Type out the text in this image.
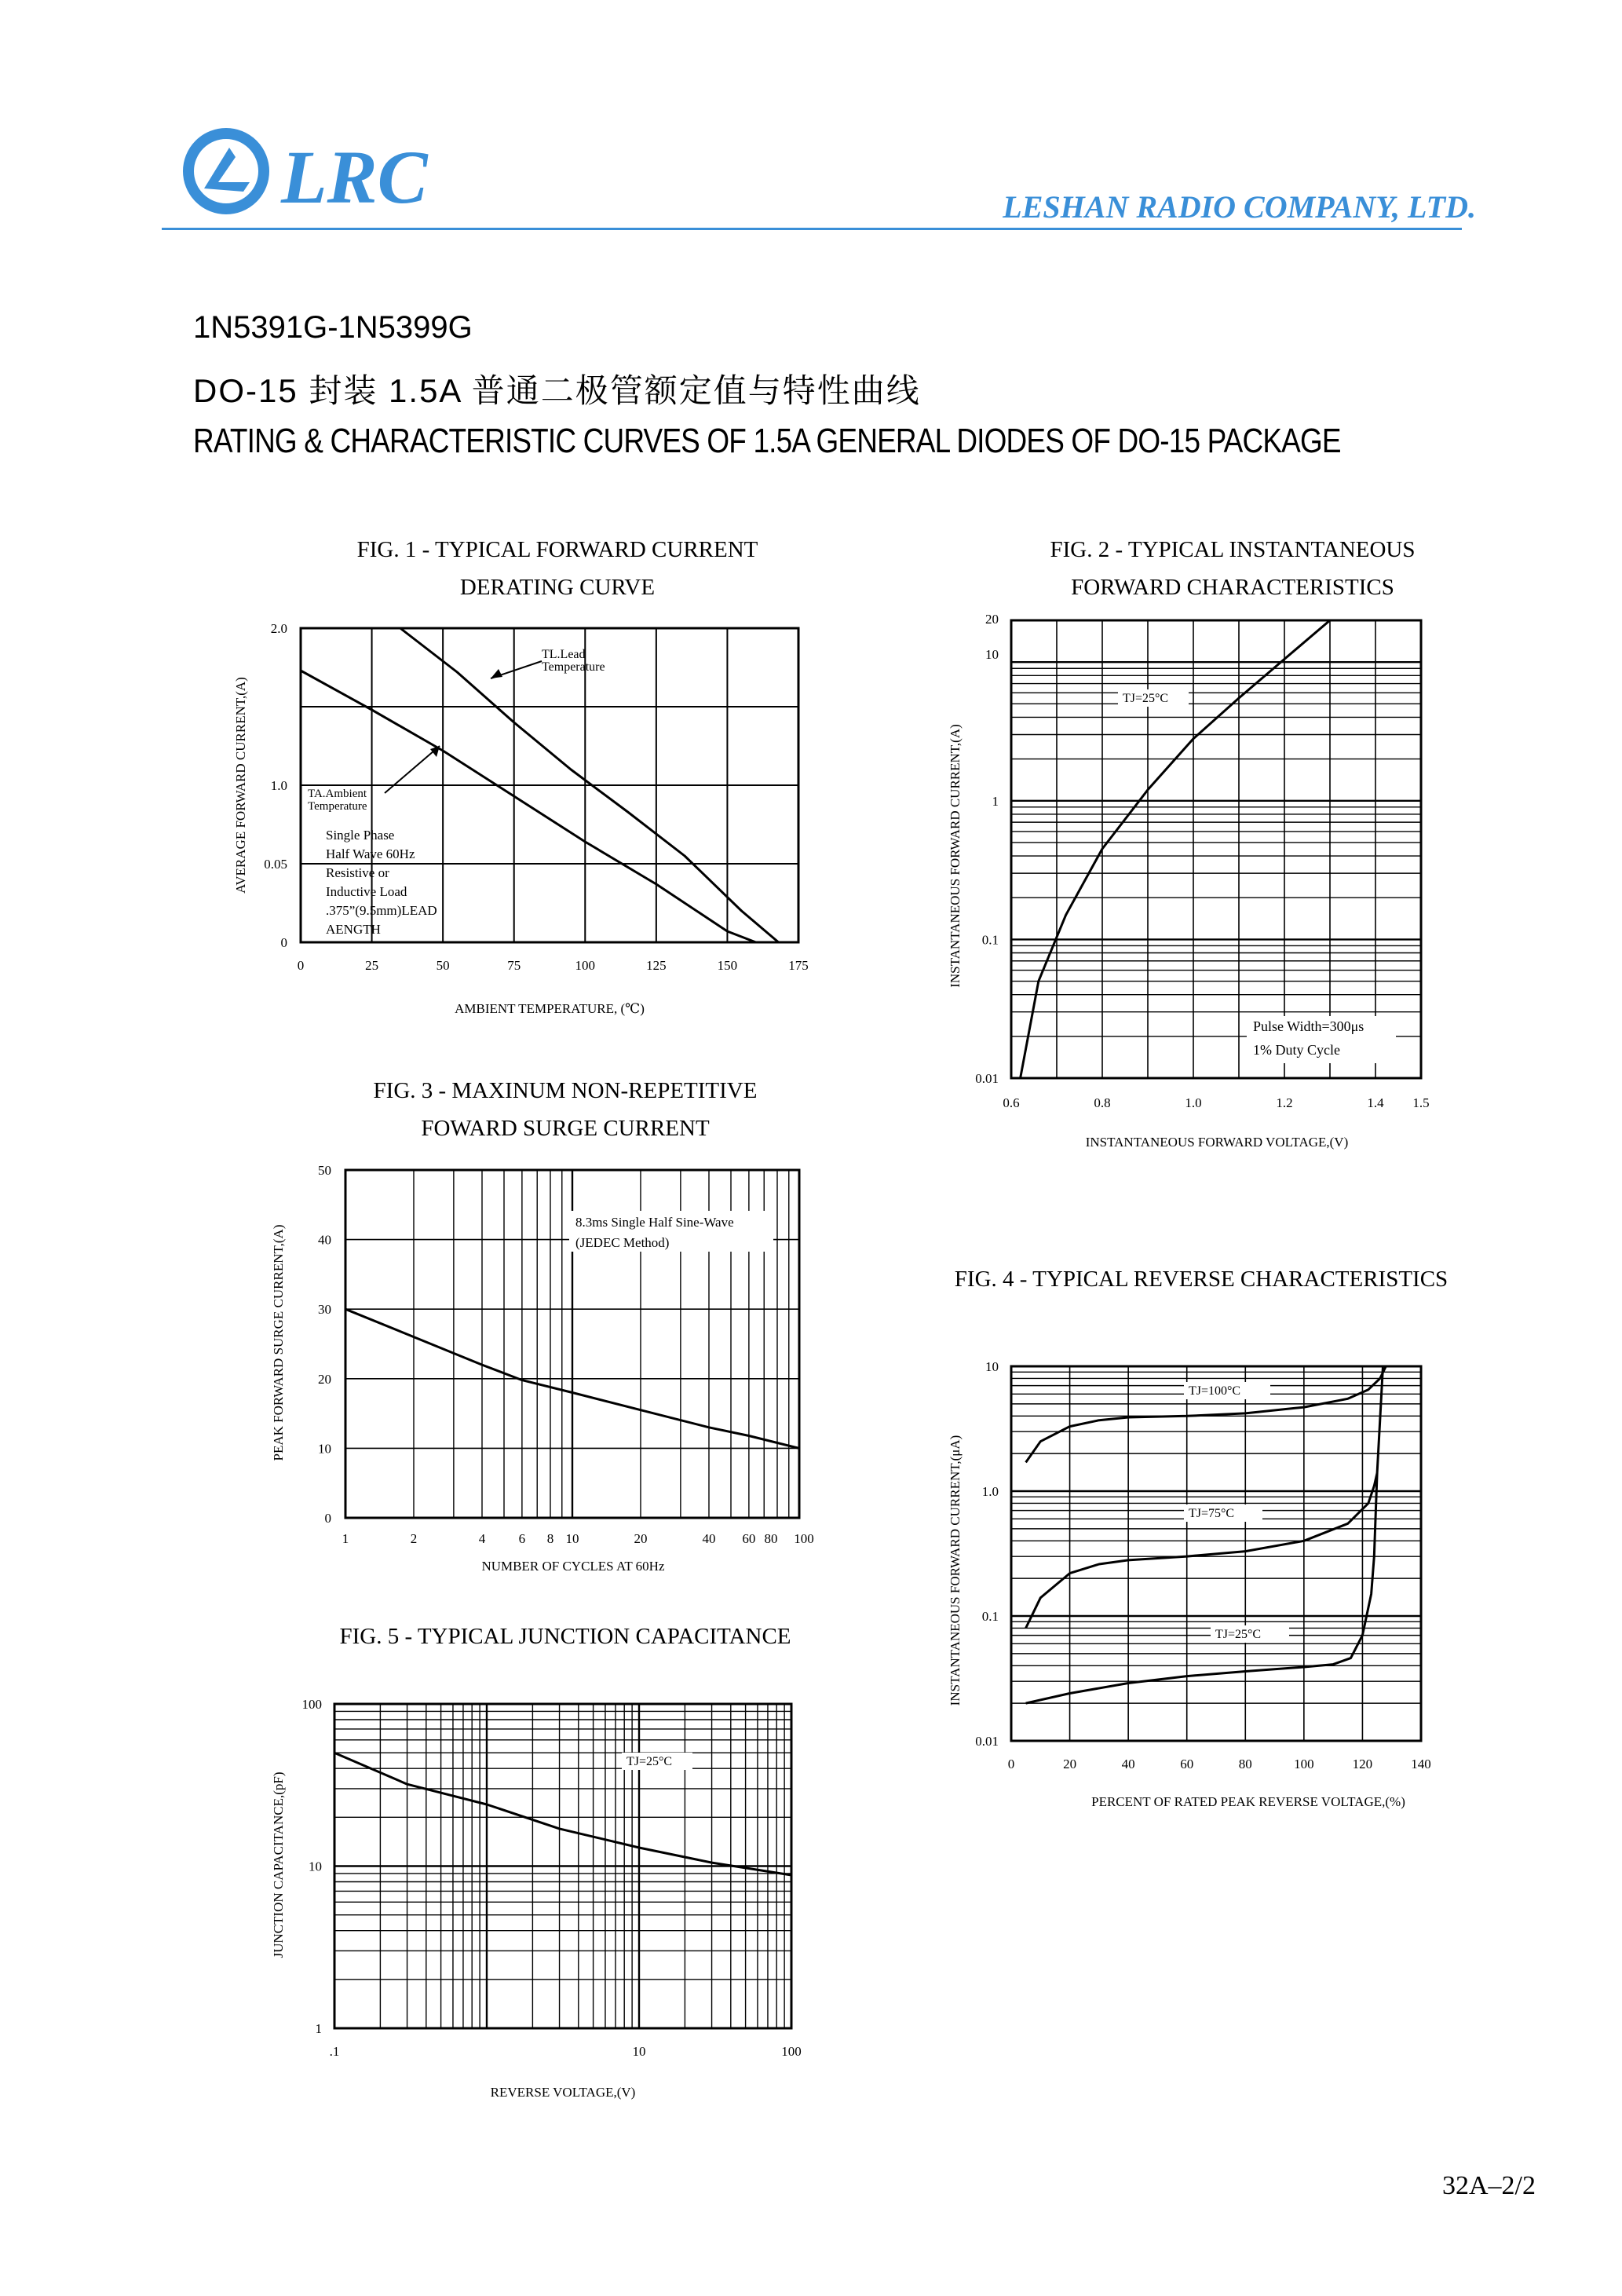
LRC	LESHAN RADIO COMPANY, LTD.
1N5391G-1N5399G
DO-15 封装 1.5A 普通二极管额定值与特性曲线
RATING & CHARACTERISTIC CURVES OF 1.5A GENERAL DIODES OF DO-15 PACKAGE
FIG. 1 - TYPICAL FORWARD CURRENT
DERATING CURVE
0	25	50	75	100	125	150	175
0
0.05
1.0
2.0
TA.Ambient
Temperature
TL.Lead
Temperature
Single Phase
Half Wave 60Hz
Resistive or
Inductive Load
.375”(9.5mm)LEAD
AENGTH
AMBIENT TEMPERATURE, (℃)
AVERAGE FORWARD CURRENT,(A)
FIG. 2 - TYPICAL INSTANTANEOUS
FORWARD CHARACTERISTICS
0.6	0.8	1.0	1.2	1.4 1.5
0.01
0.1
1
10
20
TJ=25°C
Pulse Width=300μs
1% Duty Cycle
INSTANTANEOUS FORWARD VOLTAGE,(V)
INSTANTANEOUS FORWARD CURRENT,(A)
FIG. 3 - MAXINUM NON-REPETITIVE
FOWARD SURGE CURRENT
1	2	4 6 8 10	20	40 60 80 100
0
10
20
30
40
50
8.3ms Single Half Sine-Wave
(JEDEC Method)
NUMBER OF CYCLES AT 60Hz
PEAK FORWARD SURGE CURRENT,(A)	FIG. 4 - TYPICAL REVERSE CHARACTERISTICS
0	20	40	60	80	100	120	140
0.01
0.1
1.0
10
TJ=100°C
TJ=75°C
TJ=25°C
PERCENT OF RATED PEAK REVERSE VOLTAGE,(%)
INSTANTANEOUS FORWARD CURRENT,(μA)
FIG. 5 - TYPICAL JUNCTION CAPACITANCE
.1	10	100
1
10
100
TJ=25°C
REVERSE VOLTAGE,(V)
JUNCTION CAPACITANCE,(pF)
32A–2/2
